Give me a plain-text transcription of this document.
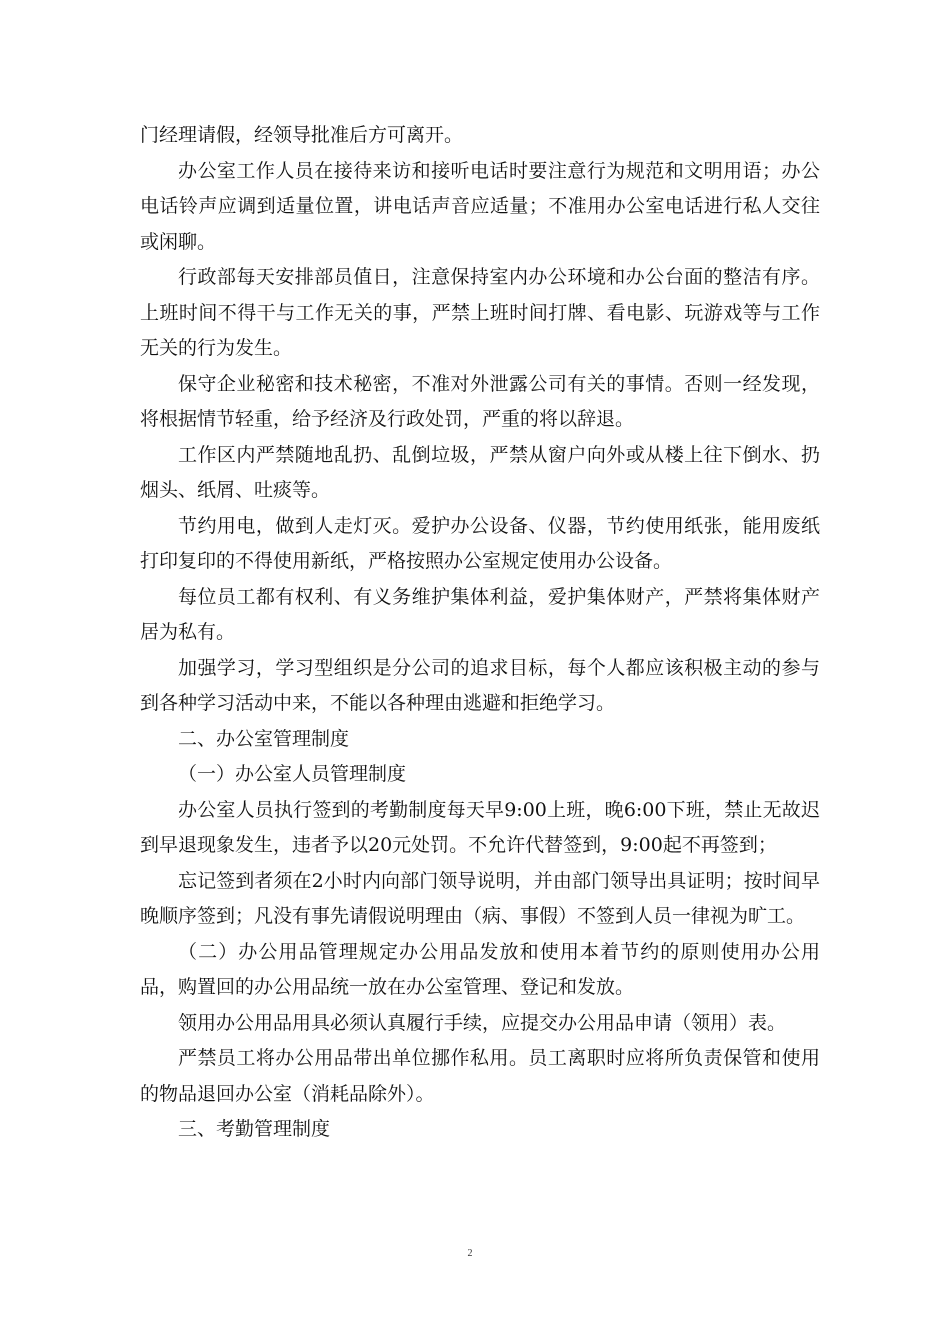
门经理请假，经领导批准后方可离开。

办公室工作人员在接待来访和接听电话时要注意行为规范和文明用语；办公电话铃声应调到适量位置，讲电话声音应适量；不准用办公室电话进行私人交往或闲聊。

行政部每天安排部员值日，注意保持室内办公环境和办公台面的整洁有序。上班时间不得干与工作无关的事，严禁上班时间打牌、看电影、玩游戏等与工作无关的行为发生。

保守企业秘密和技术秘密，不准对外泄露公司有关的事情。否则一经发现，将根据情节轻重，给予经济及行政处罚，严重的将以辞退。

工作区内严禁随地乱扔、乱倒垃圾，严禁从窗户向外或从楼上往下倒水、扔烟头、纸屑、吐痰等。

节约用电，做到人走灯灭。爱护办公设备、仪器，节约使用纸张，能用废纸打印复印的不得使用新纸，严格按照办公室规定使用办公设备。

每位员工都有权利、有义务维护集体利益，爱护集体财产，严禁将集体财产居为私有。

加强学习，学习型组织是分公司的追求目标，每个人都应该积极主动的参与到各种学习活动中来，不能以各种理由逃避和拒绝学习。

二、办公室管理制度

（一）办公室人员管理制度

办公室人员执行签到的考勤制度每天早9:00上班，晚6:00下班，禁止无故迟到早退现象发生，违者予以20元处罚。不允许代替签到，9:00起不再签到；

忘记签到者须在2小时内向部门领导说明，并由部门领导出具证明；按时间早晚顺序签到；凡没有事先请假说明理由（病、事假）不签到人员一律视为旷工。

（二）办公用品管理规定办公用品发放和使用本着节约的原则使用办公用品，购置回的办公用品统一放在办公室管理、登记和发放。

领用办公用品用具必须认真履行手续，应提交办公用品申请（领用）表。

严禁员工将办公用品带出单位挪作私用。员工离职时应将所负责保管和使用的物品退回办公室（消耗品除外）。

三、考勤管理制度

2
